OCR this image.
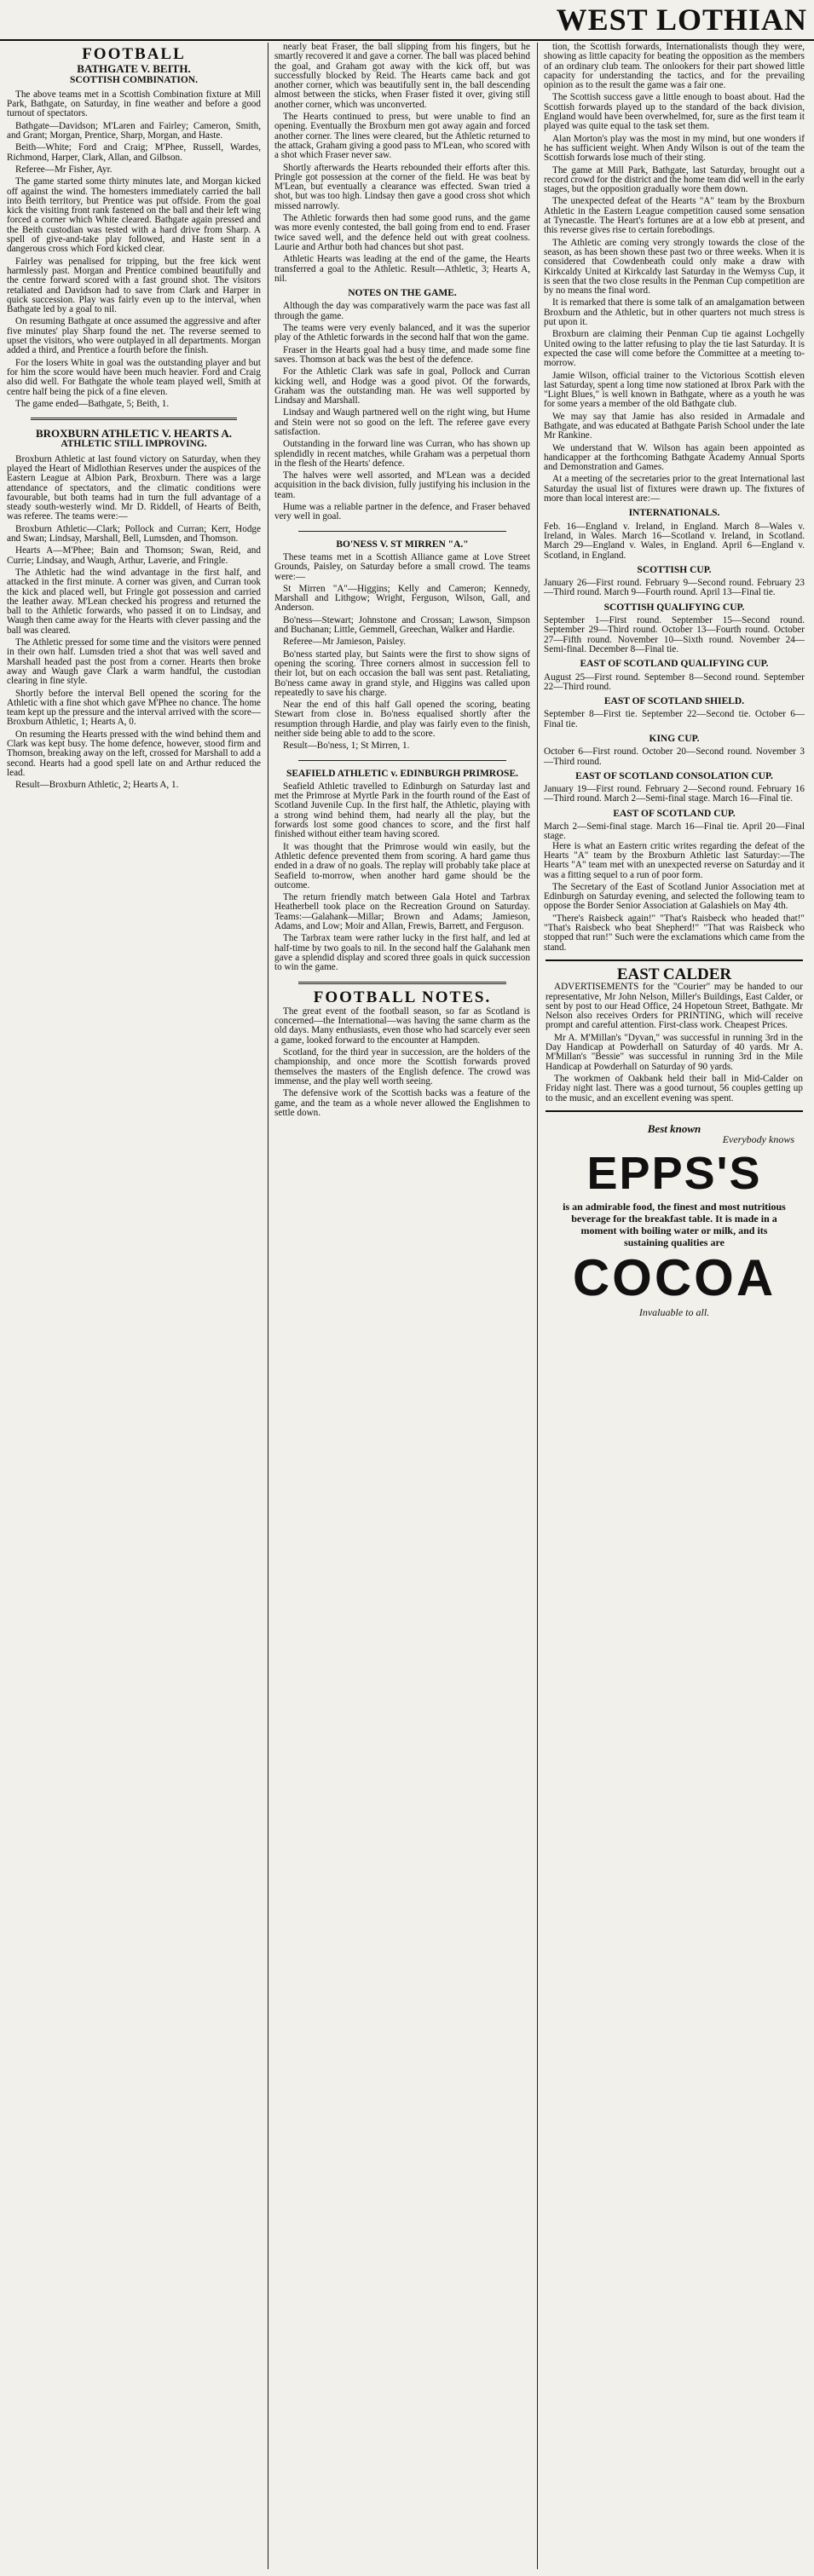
WEST LOTHIAN
FOOTBALL
BATHGATE V. BEITH.
SCOTTISH COMBINATION.

The above teams met in a Scottish Combination fixture at Mill Park, Bathgate, on Saturday, in fine weather and before a good turnout of spectators.

Bathgate—Davidson; M'Laren and Fairley; Cameron, Smith, and Grant; Morgan, Prentice, Sharp, Morgan, and Haste.

Beith—White; Ford and Craig; M'Phee, Russell, Wardes, Richmond, Harper, Clark, Allan, and Gilbson.

Referee—Mr Fisher, Ayr.

The game started some thirty minutes late, and Morgan kicked off against the wind. The homesters immediately carried the ball into Beith territory, but Prentice was put offside. From the goal kick the visiting front rank fastened on the ball and their left wing forced a corner which White cleared. Bathgate again pressed and the Beith custodian was tested with a hard drive from Sharp. A spell of give-and-take play followed, and Haste sent in a dangerous cross which Ford kicked clear.

Fairley was penalised for tripping, but the free kick went harmlessly past. Morgan and Prentice combined beautifully and the centre forward scored with a fast ground shot. The visitors retaliated and Davidson had to save from Clark and Harper in quick succession. Play was fairly even up to the interval, when Bathgate led by a goal to nil.

On resuming Bathgate at once assumed the aggressive and after five minutes' play Sharp found the net. The reverse seemed to upset the visitors, who were outplayed in all departments. Morgan added a third, and Prentice a fourth before the finish.

For the losers White in goal was the outstanding player and but for him the score would have been much heavier. Ford and Craig also did well. For Bathgate the whole team played well, Smith at centre half being the pick of a fine eleven.

The game ended—Bathgate, 5; Beith, 1.

BROXBURN ATHLETIC V. HEARTS A.
ATHLETIC STILL IMPROVING.

Broxburn Athletic at last found victory on Saturday, when they played the Heart of Midlothian Reserves under the auspices of the Eastern League at Albion Park, Broxburn. There was a large attendance of spectators, and the climatic conditions were favourable, but both teams had in turn the full advantage of a steady south-westerly wind. Mr D. Riddell, of Hearts of Beith, was referee. The teams were:—

Broxburn Athletic—Clark; Pollock and Curran; Kerr, Hodge and Swan; Lindsay, Marshall, Bell, Lumsden, and Thomson.

Hearts A—M'Phee; Bain and Thomson; Swan, Reid, and Currie; Lindsay, and Waugh, Arthur, Laverie, and Fringle.

The Athletic had the wind advantage in the first half, and attacked in the first minute. A corner was given, and Curran took the kick and placed well, but Fringle got possession and carried the leather away. M'Lean checked his progress and returned the ball to the Athletic forwards, who passed it on to Lindsay, and Waugh then came away for the Hearts with clever passing and the ball was cleared.

The Athletic pressed for some time and the visitors were penned in their own half. Lumsden tried a shot that was well saved and Marshall headed past the post from a corner. Hearts then broke away and Waugh gave Clark a warm handful, the custodian clearing in fine style.

Shortly before the interval Bell opened the scoring for the Athletic with a fine shot which gave M'Phee no chance. The home team kept up the pressure and the interval arrived with the score—Broxburn Athletic, 1; Hearts A, 0.

On resuming the Hearts pressed with the wind behind them and Clark was kept busy. The home defence, however, stood firm and Thomson, breaking away on the left, crossed for Marshall to add a second. Hearts had a good spell late on and Arthur reduced the lead.

Result—Broxburn Athletic, 2; Hearts A, 1.

nearly beat Fraser, the ball slipping from his fingers, but he smartly recovered it and gave a corner. The ball was placed behind the goal, and Graham got away with the kick off, but was successfully blocked by Reid. The Hearts came back and got another corner, which was beautifully sent in, the ball descending almost between the sticks, when Fraser fisted it over, giving still another corner, which was unconverted.

The Hearts continued to press, but were unable to find an opening. Eventually the Broxburn men got away again and forced another corner. The lines were cleared, but the Athletic returned to the attack, Graham giving a good pass to M'Lean, who scored with a shot which Fraser never saw.

Shortly afterwards the Hearts rebounded their efforts after this. Pringle got possession at the corner of the field. He was beat by M'Lean, but eventually a clearance was effected. Swan tried a shot, but was too high. Lindsay then gave a good cross shot which missed narrowly.

The Athletic forwards then had some good runs, and the game was more evenly contested, the ball going from end to end. Fraser twice saved well, and the defence held out with great coolness. Laurie and Arthur both had chances but shot past.

Athletic Hearts was leading at the end of the game, the Hearts transferred a goal to the Athletic. Result—Athletic, 3; Hearts A, nil.

NOTES ON THE GAME.

Although the day was comparatively warm the pace was fast all through the game.

The teams were very evenly balanced, and it was the superior play of the Athletic forwards in the second half that won the game.

Fraser in the Hearts goal had a busy time, and made some fine saves. Thomson at back was the best of the defence.

For the Athletic Clark was safe in goal, Pollock and Curran kicking well, and Hodge was a good pivot. Of the forwards, Graham was the outstanding man. He was well supported by Lindsay and Marshall.

Lindsay and Waugh partnered well on the right wing, but Hume and Stein were not so good on the left. The referee gave every satisfaction.

Outstanding in the forward line was Curran, who has shown up splendidly in recent matches, while Graham was a perpetual thorn in the flesh of the Hearts' defence.

The halves were well assorted, and M'Lean was a decided acquisition in the back division, fully justifying his inclusion in the team.

Hume was a reliable partner in the defence, and Fraser behaved very well in goal.

BO'NESS V. ST MIRREN "A."

These teams met in a Scottish Alliance game at Love Street Grounds, Paisley, on Saturday before a small crowd. The teams were:—

St Mirren "A"—Higgins; Kelly and Cameron; Kennedy, Marshall and Lithgow; Wright, Ferguson, Wilson, Gall, and Anderson.

Bo'ness—Stewart; Johnstone and Crossan; Lawson, Simpson and Buchanan; Little, Gemmell, Greechan, Walker and Hardie.

Referee—Mr Jamieson, Paisley.

Bo'ness started play, but Saints were the first to show signs of opening the scoring. Three corners almost in succession fell to their lot, but on each occasion the ball was sent past. Retaliating, Bo'ness came away in grand style, and Higgins was called upon repeatedly to save his charge.

Near the end of this half Gall opened the scoring, beating Stewart from close in. Bo'ness equalised shortly after the resumption through Hardie, and play was fairly even to the finish, neither side being able to add to the score.

Result—Bo'ness, 1; St Mirren, 1.

SEAFIELD ATHLETIC v. EDINBURGH PRIMROSE.

Seafield Athletic travelled to Edinburgh on Saturday last and met the Primrose at Myrtle Park in the fourth round of the East of Scotland Juvenile Cup. In the first half, the Athletic, playing with a strong wind behind them, had nearly all the play, but the forwards lost some good chances to score, and the first half finished without either team having scored.

It was thought that the Primrose would win easily, but the Athletic defence prevented them from scoring. A hard game thus ended in a draw of no goals. The replay will probably take place at Seafield to-morrow, when another hard game should be the outcome.

The return friendly match between Gala Hotel and Tarbrax Heatherbell took place on the Recreation Ground on Saturday. Teams:—Galahank—Millar; Brown and Adams; Jamieson, Adams, and Low; Moir and Allan, Frewis, Barrett, and Ferguson.

The Tarbrax team were rather lucky in the first half, and led at half-time by two goals to nil. In the second half the Galahank men gave a splendid display and scored three goals in quick succession to win the game.

FOOTBALL NOTES.

The great event of the football season, so far as Scotland is concerned—the International—was having the same charm as the old days. Many enthusiasts, even those who had scarcely ever seen a game, looked forward to the encounter at Hampden.

Scotland, for the third year in succession, are the holders of the championship, and once more the Scottish forwards proved themselves the masters of the English defence. The crowd was immense, and the play well worth seeing.

The defensive work of the Scottish backs was a feature of the game, and the team as a whole never allowed the Englishmen to settle down.

tion, the Scottish forwards, Internationalists though they were, showing as little capacity for beating the opposition as the members of an ordinary club team. The onlookers for their part showed little capacity for understanding the tactics, and for the prevailing opinion as to the result the game was a fair one.

The Scottish success gave a little enough to boast about. Had the Scottish forwards played up to the standard of the back division, England would have been overwhelmed, for, sure as the first team it played was quite equal to the task set them.

Alan Morton's play was the most in my mind, but one wonders if he has sufficient weight. When Andy Wilson is out of the team the Scottish forwards lose much of their sting.

The game at Mill Park, Bathgate, last Saturday, brought out a record crowd for the district and the home team did well in the early stages, but the opposition gradually wore them down.

The unexpected defeat of the Hearts "A" team by the Broxburn Athletic in the Eastern League competition caused some sensation at Tynecastle. The Heart's fortunes are at a low ebb at present, and this reverse gives rise to certain forebodings.

The Athletic are coming very strongly towards the close of the season, as has been shown these past two or three weeks. When it is considered that Cowdenbeath could only make a draw with Kirkcaldy United at Kirkcaldy last Saturday in the Wemyss Cup, it is seen that the two close results in the Penman Cup competition are by no means the final word.

It is remarked that there is some talk of an amalgamation between Broxburn and the Athletic, but in other quarters not much stress is put upon it.

Broxburn are claiming their Penman Cup tie against Lochgelly United owing to the latter refusing to play the tie last Saturday. It is expected the case will come before the Committee at a meeting to-morrow.

Jamie Wilson, official trainer to the Victorious Scottish eleven last Saturday, spent a long time now stationed at Ibrox Park with the "Light Blues," is well known in Bathgate, where as a youth he was for some years a member of the old Bathgate club.

We may say that Jamie has also resided in Armadale and Bathgate, and was educated at Bathgate Parish School under the late Mr Rankine.

We understand that W. Wilson has again been appointed as handicapper at the forthcoming Bathgate Academy Annual Sports and Demonstration and Games.

At a meeting of the secretaries prior to the great International last Saturday the usual list of fixtures were drawn up. The fixtures of more than local interest are:—

INTERNATIONALS.

Feb. 16—England v. Ireland, in England. March 8—Wales v. Ireland, in Wales. March 16—Scotland v. Ireland, in Scotland. March 29—England v. Wales, in England. April 6—England v. Scotland, in England.

SCOTTISH CUP.

January 26—First round. February 9—Second round. February 23—Third round. March 9—Fourth round. April 13—Final tie.

SCOTTISH QUALIFYING CUP.

September 1—First round. September 15—Second round. September 29—Third round. October 13—Fourth round. October 27—Fifth round. November 10—Sixth round. November 24—Semi-final. December 8—Final tie.

EAST OF SCOTLAND QUALIFYING CUP.

August 25—First round. September 8—Second round. September 22—Third round.

EAST OF SCOTLAND SHIELD.

September 8—First tie. September 22—Second tie. October 6—Final tie.

KING CUP.

October 6—First round. October 20—Second round. November 3—Third round.

EAST OF SCOTLAND CONSOLATION CUP.

January 19—First round. February 2—Second round. February 16—Third round. March 2—Semi-final stage. March 16—Final tie.

EAST OF SCOTLAND CUP.

March 2—Semi-final stage. March 16—Final tie. April 20—Final stage.

Here is what an Eastern critic writes regarding the defeat of the Hearts "A" team by the Broxburn Athletic last Saturday:—The Hearts "A" team met with an unexpected reverse on Saturday and it was a fitting sequel to a run of poor form.

The Secretary of the East of Scotland Junior Association met at Edinburgh on Saturday evening, and selected the following team to oppose the Border Senior Association at Galashiels on May 4th.

"There's Raisbeck again!" "That's Raisbeck who headed that!" "That's Raisbeck who beat Shepherd!" "That was Raisbeck who stopped that run!" Such were the exclamations which came from the stand.

EAST CALDER

ADVERTISEMENTS for the "Courier" may be handed to our representative, Mr John Nelson, Miller's Buildings, East Calder, or sent by post to our Head Office, 24 Hopetoun Street, Bathgate. Mr Nelson also receives Orders for PRINTING, which will receive prompt and careful attention. First-class work. Cheapest Prices.

Mr A. M'Millan's "Dyvan," was successful in running 3rd in the Day Handicap at Powderhall on Saturday of 40 yards. Mr A. M'Millan's "Bessie" was successful in running 3rd in the Mile Handicap at Powderhall on Saturday of 90 yards.

The workmen of Oakbank held their ball in Mid-Calder on Friday night last. There was a good turnout, 56 couples getting up to the music, and an excellent evening was spent.

Best known
Everybody knows
EPPS'S
is an admirable food, the finest and most nutritious beverage for the breakfast table. It is made in a moment with boiling water or milk, and its sustaining qualities are
COCOA
Invaluable to all.
